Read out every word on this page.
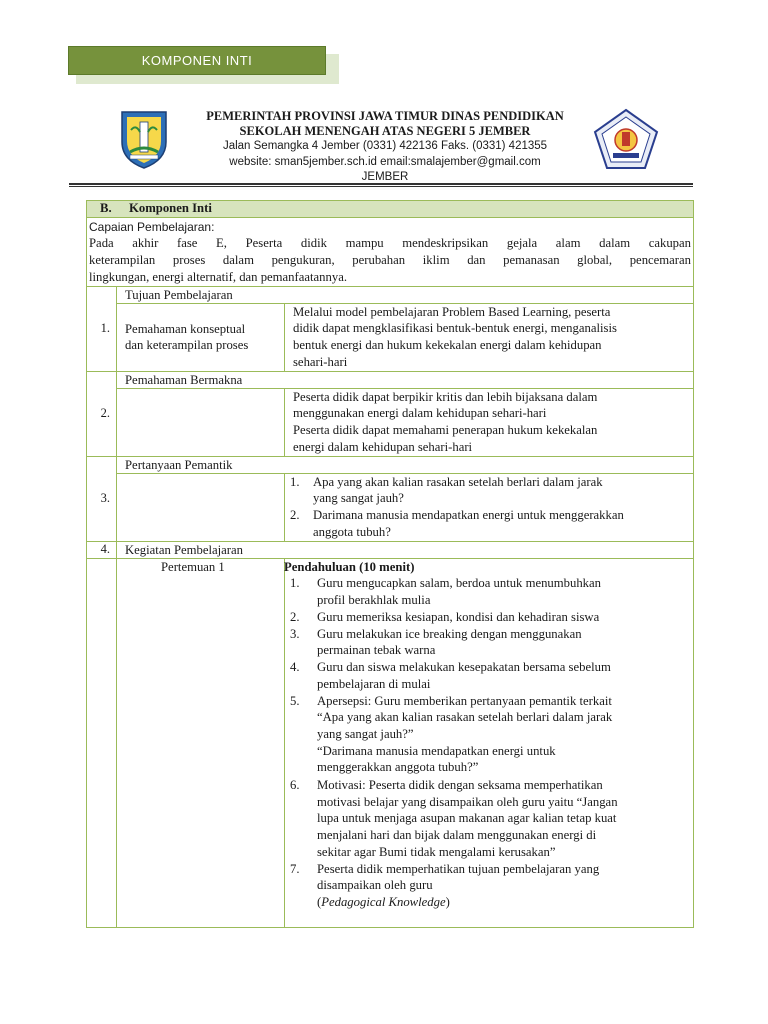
KOMPONEN INTI
PEMERINTAH PROVINSI JAWA TIMUR DINAS PENDIDIKAN
SEKOLAH MENENGAH ATAS NEGERI 5 JEMBER
Jalan Semangka 4 Jember (0331) 422136 Faks. (0331) 421355
website: sman5jember.sch.id email:smalajember@gmail.com
JEMBER
B. Komponen Inti
Capaian Pembelajaran:
Pada akhir fase E, Peserta didik mampu mendeskripsikan gejala alam dalam cakupan
keterampilan proses dalam pengukuran, perubahan iklim dan pemanasan global, pencemaran
lingkungan, energi alternatif, dan pemanfaatannya.
Tujuan Pembelajaran
1. Pemahaman konseptual
dan keterampilan proses
Melalui model pembelajaran Problem Based Learning, peserta
didik dapat mengklasifikasi bentuk-bentuk energi, menganalisis
bentuk energi dan hukum kekekalan energi dalam kehidupan
sehari-hari
Pemahaman Bermakna
2.
Peserta didik dapat berpikir kritis dan lebih bijaksana dalam
menggunakan energi dalam kehidupan sehari-hari
Peserta didik dapat memahami penerapan hukum kekekalan
energi dalam kehidupan sehari-hari
Pertanyaan Pemantik
3.
1. Apa yang akan kalian rasakan setelah berlari dalam jarak
yang sangat jauh?
2. Darimana manusia mendapatkan energi untuk menggerakkan
anggota tubuh?
4. Kegiatan Pembelajaran
Pertemuan 1	Pendahuluan (10 menit)
1. Guru mengucapkan salam, berdoa untuk menumbuhkan
profil berakhlak mulia
2. Guru memeriksa kesiapan, kondisi dan kehadiran siswa
3. Guru melakukan ice breaking dengan menggunakan
permainan tebak warna
4. Guru dan siswa melakukan kesepakatan bersama sebelum
pembelajaran di mulai
5. Apersepsi: Guru memberikan pertanyaan pemantik terkait
“Apa yang akan kalian rasakan setelah berlari dalam jarak
yang sangat jauh?”
“Darimana manusia mendapatkan energi untuk
menggerakkan anggota tubuh?”
6. Motivasi: Peserta didik dengan seksama memperhatikan
motivasi belajar yang disampaikan oleh guru yaitu “Jangan
lupa untuk menjaga asupan makanan agar kalian tetap kuat
menjalani hari dan bijak dalam menggunakan energi di
sekitar agar Bumi tidak mengalami kerusakan”
7. Peserta didik memperhatikan tujuan pembelajaran yang
disampaikan oleh guru
(Pedagogical Knowledge)
